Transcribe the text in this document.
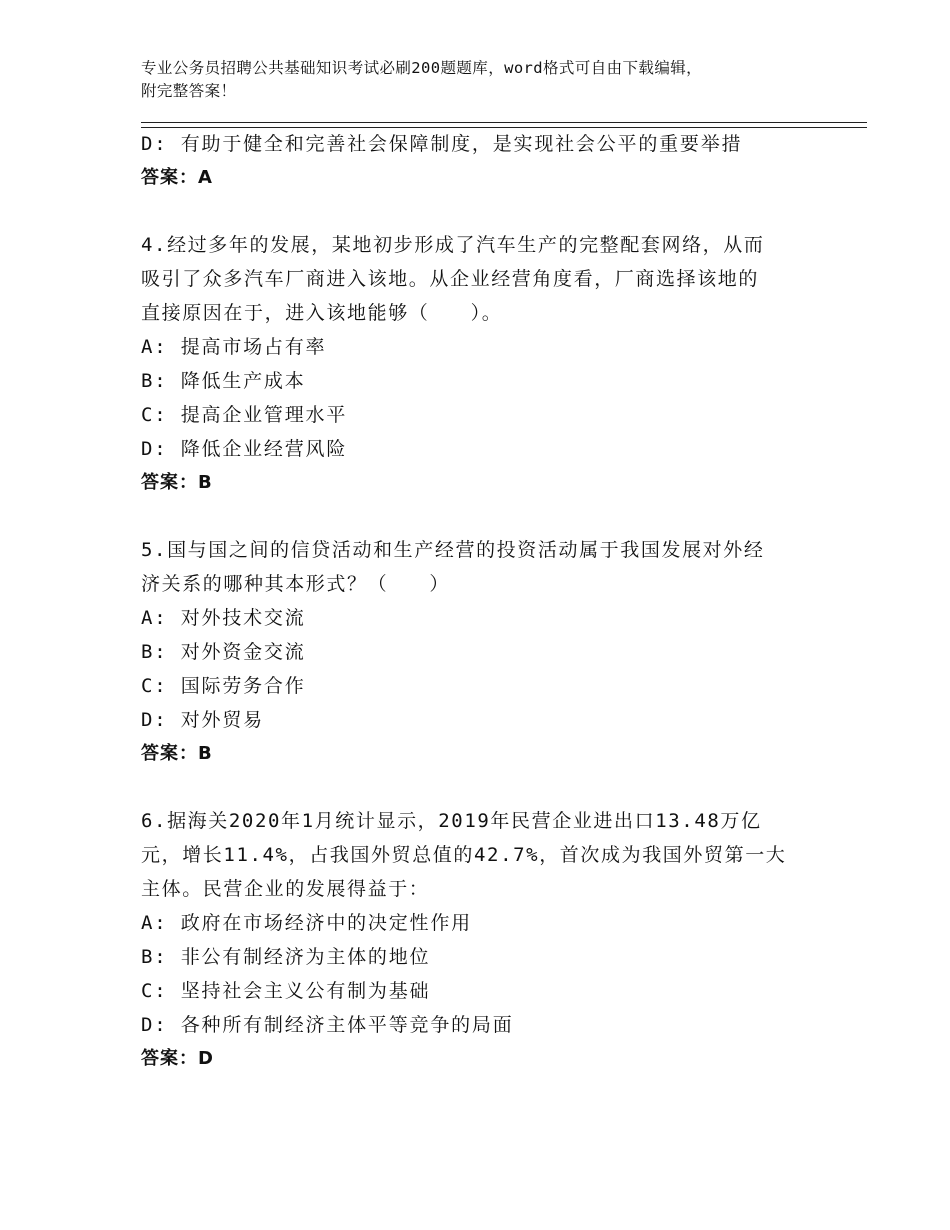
专业公务员招聘公共基础知识考试必刷200题题库，word格式可自由下载编辑，
附完整答案！
D: 有助于健全和完善社会保障制度，是实现社会公平的重要举措
答案：A
4.经过多年的发展，某地初步形成了汽车生产的完整配套网络，从而
吸引了众多汽车厂商进入该地。从企业经营角度看，厂商选择该地的
直接原因在于，进入该地能够（　　）。
A: 提高市场占有率
B: 降低生产成本
C: 提高企业管理水平
D: 降低企业经营风险
答案：B
5.国与国之间的信贷活动和生产经营的投资活动属于我国发展对外经
济关系的哪种其本形式？（　　）
A: 对外技术交流
B: 对外资金交流
C: 国际劳务合作
D: 对外贸易
答案：B
6.据海关2020年1月统计显示，2019年民营企业进出口13.48万亿
元，增长11.4%，占我国外贸总值的42.7%，首次成为我国外贸第一大
主体。民营企业的发展得益于：
A: 政府在市场经济中的决定性作用
B: 非公有制经济为主体的地位
C: 坚持社会主义公有制为基础
D: 各种所有制经济主体平等竞争的局面
答案：D
